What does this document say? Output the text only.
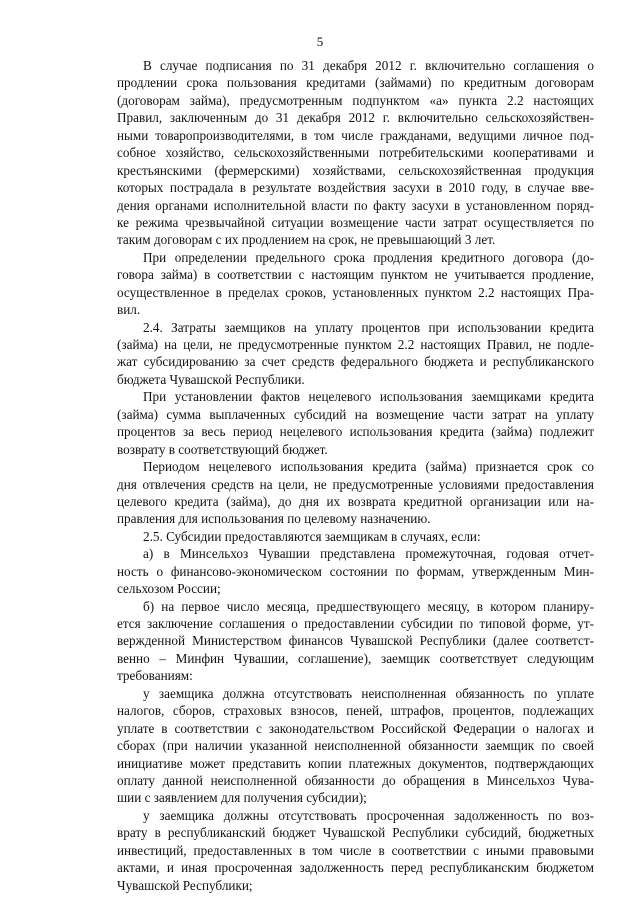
5
В случае подписания по 31 декабря 2012 г. включительно соглашения о
продлении срока пользования кредитами (займами) по кредитным договорам
(договорам займа), предусмотренным подпунктом «а» пункта 2.2 настоящих
Правил, заключенным до 31 декабря 2012 г. включительно сельскохозяйствен-
ными товаропроизводителями, в том числе гражданами, ведущими личное под-
собное хозяйство, сельскохозяйственными потребительскими кооперативами и
крестьянскими (фермерскими) хозяйствами, сельскохозяйственная продукция
которых пострадала в результате воздействия засухи в 2010 году, в случае вве-
дения органами исполнительной власти по факту засухи в установленном поряд-
ке режима чрезвычайной ситуации возмещение части затрат осуществляется по
таким договорам с их продлением на срок, не превышающий 3 лет.
При определении предельного срока продления кредитного договора (до-
говора займа) в соответствии с настоящим пунктом не учитывается продление,
осуществленное в пределах сроков, установленных пунктом 2.2 настоящих Пра-
вил.
2.4. Затраты заемщиков на уплату процентов при использовании кредита
(займа) на цели, не предусмотренные пунктом 2.2 настоящих Правил, не подле-
жат субсидированию за счет средств федерального бюджета и республиканского
бюджета Чувашской Республики.
При установлении фактов нецелевого использования заемщиками кредита
(займа) сумма выплаченных субсидий на возмещение части затрат на уплату
процентов за весь период нецелевого использования кредита (займа) подлежит
возврату в соответствующий бюджет.
Периодом нецелевого использования кредита (займа) признается срок со
дня отвлечения средств на цели, не предусмотренные условиями предоставления
целевого кредита (займа), до дня их возврата кредитной организации или на-
правления для использования по целевому назначению.
2.5. Субсидии предоставляются заемщикам в случаях, если:
а) в Минсельхоз Чувашии представлена промежуточная, годовая отчет-
ность о финансово-экономическом состоянии по формам, утвержденным Мин-
сельхозом России;
б) на первое число месяца, предшествующего месяцу, в котором планиру-
ется заключение соглашения о предоставлении субсидии по типовой форме, ут-
вержденной Министерством финансов Чувашской Республики (далее соответст-
венно – Минфин Чувашии, соглашение), заемщик соответствует следующим
требованиям:
у заемщика должна отсутствовать неисполненная обязанность по уплате
налогов, сборов, страховых взносов, пеней, штрафов, процентов, подлежащих
уплате в соответствии с законодательством Российской Федерации о налогах и
сборах (при наличии указанной неисполненной обязанности заемщик по своей
инициативе может представить копии платежных документов, подтверждающих
оплату данной неисполненной обязанности до обращения в Минсельхоз Чува-
шии с заявлением для получения субсидии);
у заемщика должны отсутствовать просроченная задолженность по воз-
врату в республиканский бюджет Чувашской Республики субсидий, бюджетных
инвестиций, предоставленных в том числе в соответствии с иными правовыми
актами, и иная просроченная задолженность перед республиканским бюджетом
Чувашской Республики;
